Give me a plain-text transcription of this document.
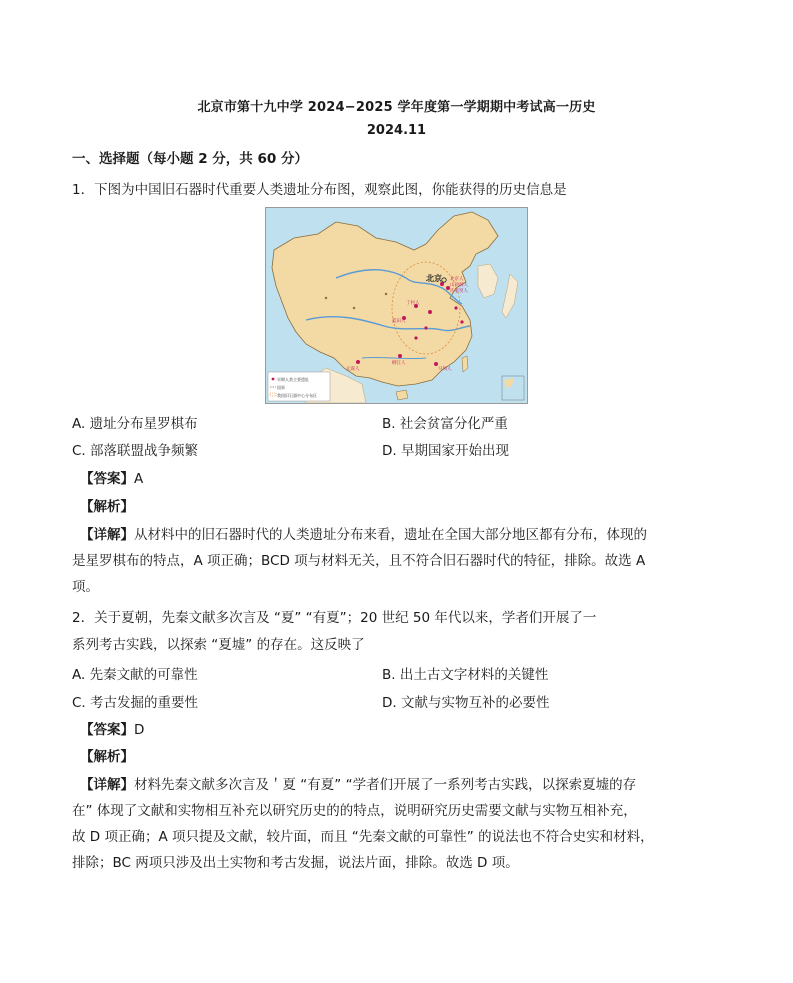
北京市第十九中学 2024−2025 学年度第一学期期中考试高一历史
2024.11
一、选择题（每小题 2 分，共 60 分）
1．下图为中国旧石器时代重要人类遗址分布图，观察此图，你能获得的历史信息是
北京 北京人
山顶洞人
许家窑人
丁村人
蓝田人
元谋人
柳江人
马坝人
旱期人类主要遗址
国界
我国旧石器中心分布区
A. 遗址分布星罗棋布	B. 社会贫富分化严重
C. 部落联盟战争频繁	D. 早期国家开始出现
【答案】A
【解析】
【详解】从材料中的旧石器时代的人类遗址分布来看，遗址在全国大部分地区都有分布，体现的
是星罗棋布的特点，A 项正确；BCD 项与材料无关，且不符合旧石器时代的特征，排除。故选 A
项。
2．关于夏朝，先秦文献多次言及 “夏” “有夏”；20 世纪 50 年代以来，学者们开展了一
系列考古实践，以探索 “夏墟” 的存在。这反映了
A. 先秦文献的可靠性	B. 出土古文字材料的关键性
C. 考古发掘的重要性	D. 文献与实物互补的必要性
【答案】D
【解析】
【详解】材料先秦文献多次言及＇夏 “有夏” “学者们开展了一系列考古实践，以探索夏墟的存
在” 体现了文献和实物相互补充以研究历史的的特点，说明研究历史需要文献与实物互相补充，
故 D 项正确；A 项只提及文献，较片面，而且 “先秦文献的可靠性” 的说法也不符合史实和材料，
排除；BC 两项只涉及出土实物和考古发掘，说法片面，排除。故选 D 项。
